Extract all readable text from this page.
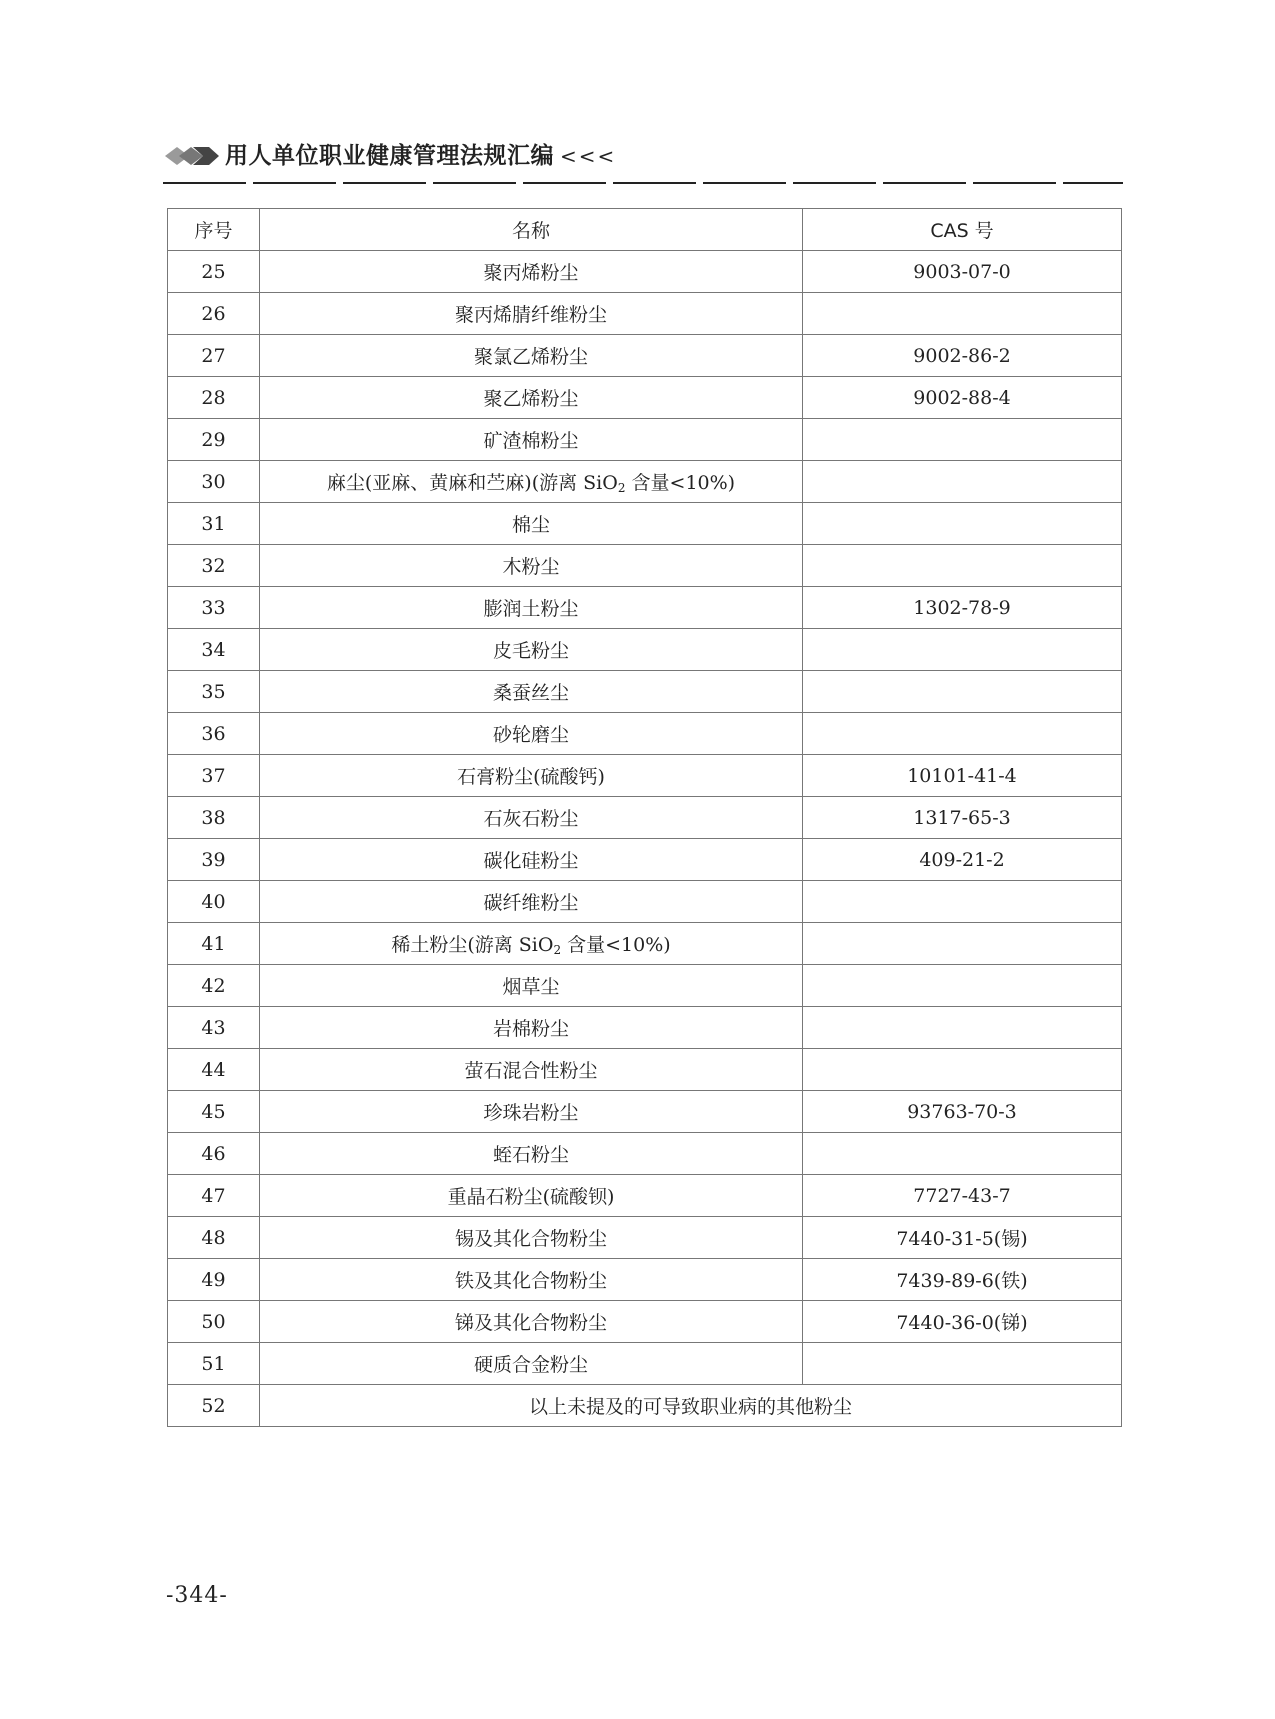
用人单位职业健康管理法规汇编 <<<
序号	名称	CAS 号
25	聚丙烯粉尘	9003-07-0
26	聚丙烯腈纤维粉尘	
27	聚氯乙烯粉尘	9002-86-2
28	聚乙烯粉尘	9002-88-4
29	矿渣棉粉尘	
30	麻尘(亚麻、黄麻和苎麻)(游离 SiO$_2$ 含量<10%)	
31	棉尘	
32	木粉尘	
33	膨润土粉尘	1302-78-9
34	皮毛粉尘	
35	桑蚕丝尘	
36	砂轮磨尘	
37	石膏粉尘(硫酸钙)	10101-41-4
38	石灰石粉尘	1317-65-3
39	碳化硅粉尘	409-21-2
40	碳纤维粉尘	
41	稀土粉尘(游离 SiO$_2$ 含量<10%)	
42	烟草尘	
43	岩棉粉尘	
44	萤石混合性粉尘	
45	珍珠岩粉尘	93763-70-3
46	蛭石粉尘	
47	重晶石粉尘(硫酸钡)	7727-43-7
48	锡及其化合物粉尘	7440-31-5(锡)
49	铁及其化合物粉尘	7439-89-6(铁)
50	锑及其化合物粉尘	7440-36-0(锑)
51	硬质合金粉尘	
52	以上未提及的可导致职业病的其他粉尘	
-344-
